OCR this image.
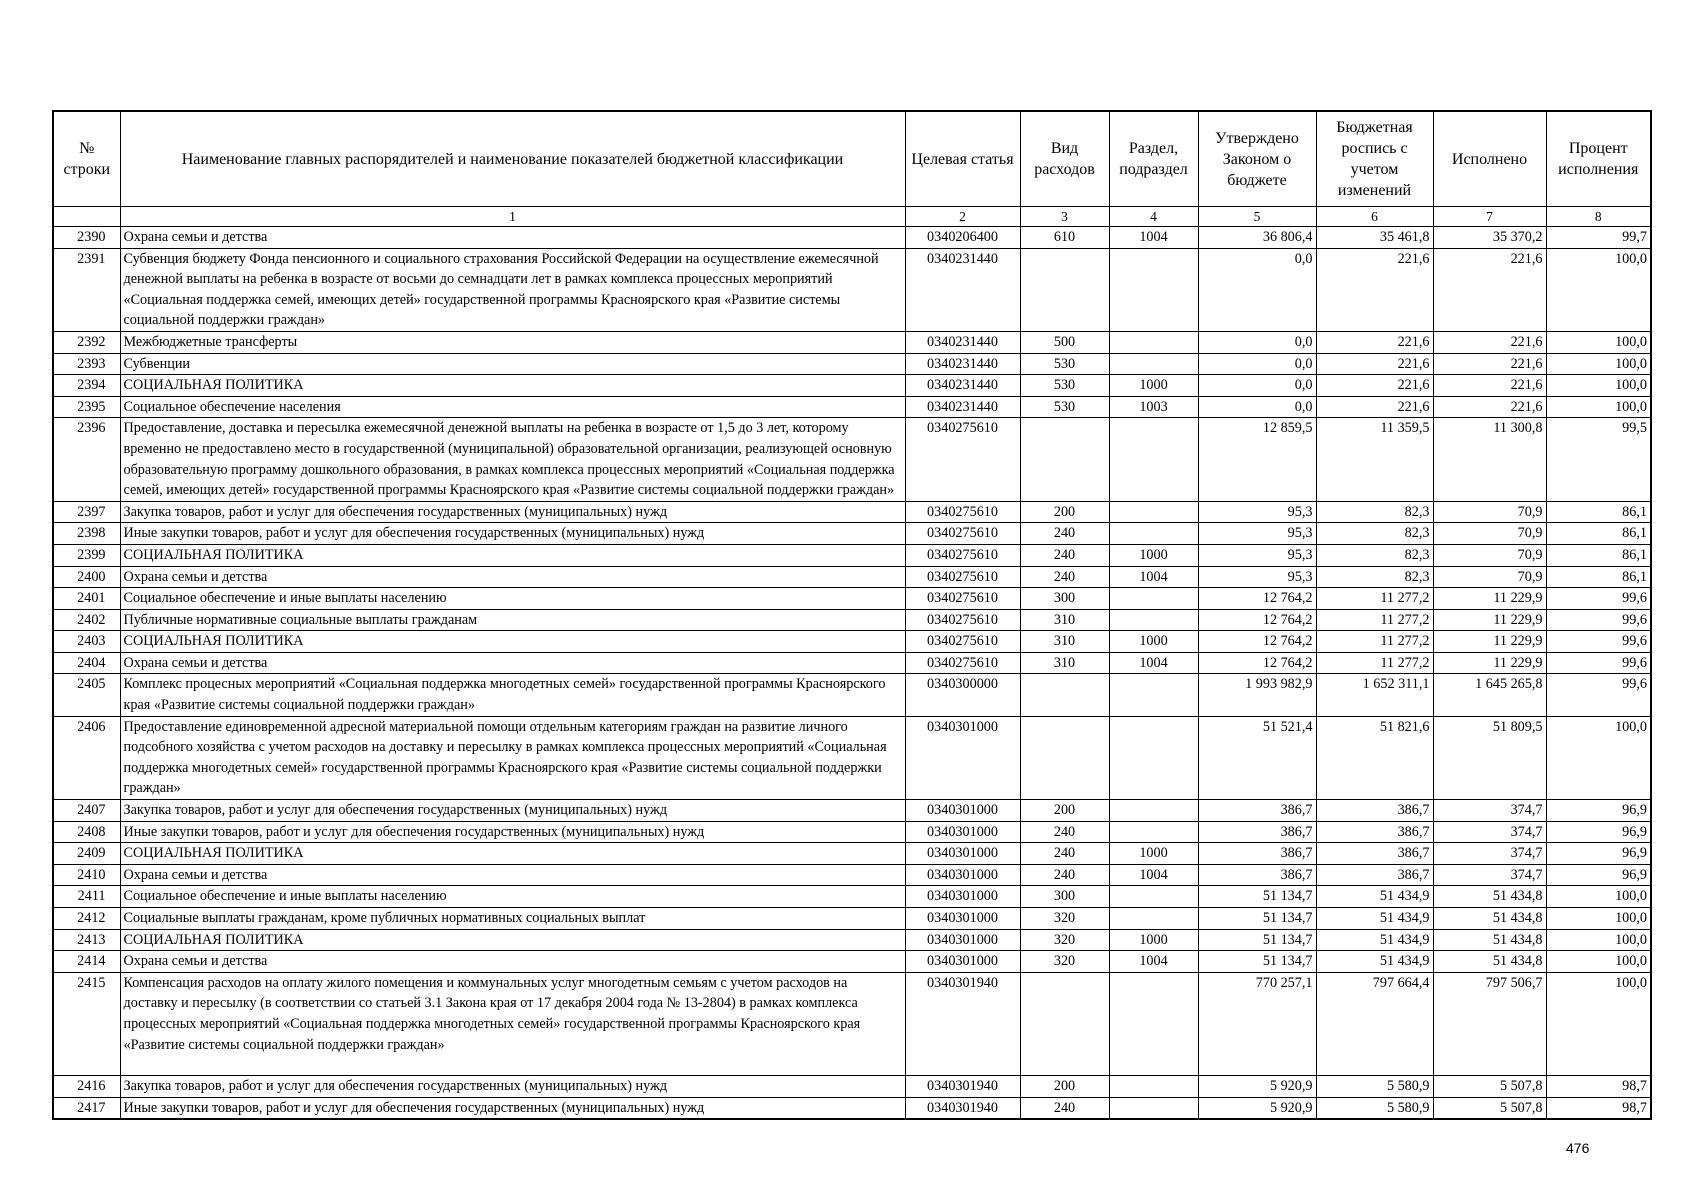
№ строки	Наименование главных распорядителей и наименование показателей бюджетной классификации	Целевая статья	Вид расходов	Раздел, подраздел	Утверждено Законом о бюджете	Бюджетная роспись с учетом изменений	Исполнено	Процент исполнения
	1	2	3	4	5	6	7	8
2390	Охрана семьи и детства	0340206400	610	1004	36 806,4	35 461,8	35 370,2	99,7
2391	Субвенция бюджету Фонда пенсионного и социального страхования Российской Федерации на осуществление ежемесячной денежной выплаты на ребенка в возрасте от восьми до семнадцати лет в рамках комплекса процессных мероприятий «Социальная поддержка семей, имеющих детей» государственной программы Красноярского края «Развитие системы социальной поддержки граждан»	0340231440			0,0	221,6	221,6	100,0
2392	Межбюджетные трансферты	0340231440	500		0,0	221,6	221,6	100,0
2393	Субвенции	0340231440	530		0,0	221,6	221,6	100,0
2394	СОЦИАЛЬНАЯ ПОЛИТИКА	0340231440	530	1000	0,0	221,6	221,6	100,0
2395	Социальное обеспечение населения	0340231440	530	1003	0,0	221,6	221,6	100,0
2396	Предоставление, доставка и пересылка ежемесячной денежной выплаты на ребенка в возрасте от 1,5 до 3 лет, которому временно не предоставлено место в государственной (муниципальной) образовательной организации, реализующей основную образовательную программу дошкольного образования, в рамках комплекса процессных мероприятий «Социальная поддержка семей, имеющих детей» государственной программы Красноярского края «Развитие системы социальной поддержки граждан»	0340275610			12 859,5	11 359,5	11 300,8	99,5
2397	Закупка товаров, работ и услуг для обеспечения государственных (муниципальных) нужд	0340275610	200		95,3	82,3	70,9	86,1
2398	Иные закупки товаров, работ и услуг для обеспечения государственных (муниципальных) нужд	0340275610	240		95,3	82,3	70,9	86,1
2399	СОЦИАЛЬНАЯ ПОЛИТИКА	0340275610	240	1000	95,3	82,3	70,9	86,1
2400	Охрана семьи и детства	0340275610	240	1004	95,3	82,3	70,9	86,1
2401	Социальное обеспечение и иные выплаты населению	0340275610	300		12 764,2	11 277,2	11 229,9	99,6
2402	Публичные нормативные социальные выплаты гражданам	0340275610	310		12 764,2	11 277,2	11 229,9	99,6
2403	СОЦИАЛЬНАЯ ПОЛИТИКА	0340275610	310	1000	12 764,2	11 277,2	11 229,9	99,6
2404	Охрана семьи и детства	0340275610	310	1004	12 764,2	11 277,2	11 229,9	99,6
2405	Комплекс процесных мероприятий «Социальная поддержка многодетных семей» государственной программы Красноярского края «Развитие системы социальной поддержки граждан»	0340300000			1 993 982,9	1 652 311,1	1 645 265,8	99,6
2406	Предоставление единовременной адресной материальной помощи отдельным категориям граждан на развитие личного подсобного хозяйства с учетом расходов на доставку и пересылку в рамках комплекса процессных мероприятий «Социальная поддержка многодетных семей» государственной программы Красноярского края «Развитие системы социальной поддержки граждан»	0340301000			51 521,4	51 821,6	51 809,5	100,0
2407	Закупка товаров, работ и услуг для обеспечения государственных (муниципальных) нужд	0340301000	200		386,7	386,7	374,7	96,9
2408	Иные закупки товаров, работ и услуг для обеспечения государственных (муниципальных) нужд	0340301000	240		386,7	386,7	374,7	96,9
2409	СОЦИАЛЬНАЯ ПОЛИТИКА	0340301000	240	1000	386,7	386,7	374,7	96,9
2410	Охрана семьи и детства	0340301000	240	1004	386,7	386,7	374,7	96,9
2411	Социальное обеспечение и иные выплаты населению	0340301000	300		51 134,7	51 434,9	51 434,8	100,0
2412	Социальные выплаты гражданам, кроме публичных нормативных социальных выплат	0340301000	320		51 134,7	51 434,9	51 434,8	100,0
2413	СОЦИАЛЬНАЯ ПОЛИТИКА	0340301000	320	1000	51 134,7	51 434,9	51 434,8	100,0
2414	Охрана семьи и детства	0340301000	320	1004	51 134,7	51 434,9	51 434,8	100,0
2415	Компенсация расходов на оплату жилого помещения и коммунальных услуг многодетным семьям с учетом расходов на доставку и пересылку (в соответствии со статьей 3.1 Закона края от 17 декабря 2004 года № 13-2804) в рамках комплекса процессных мероприятий «Социальная поддержка многодетных семей» государственной программы Красноярского края «Развитие системы социальной поддержки граждан»	0340301940			770 257,1	797 664,4	797 506,7	100,0
2416	Закупка товаров, работ и услуг для обеспечения государственных (муниципальных) нужд	0340301940	200		5 920,9	5 580,9	5 507,8	98,7
2417	Иные закупки товаров, работ и услуг для обеспечения государственных (муниципальных) нужд	0340301940	240		5 920,9	5 580,9	5 507,8	98,7
476
